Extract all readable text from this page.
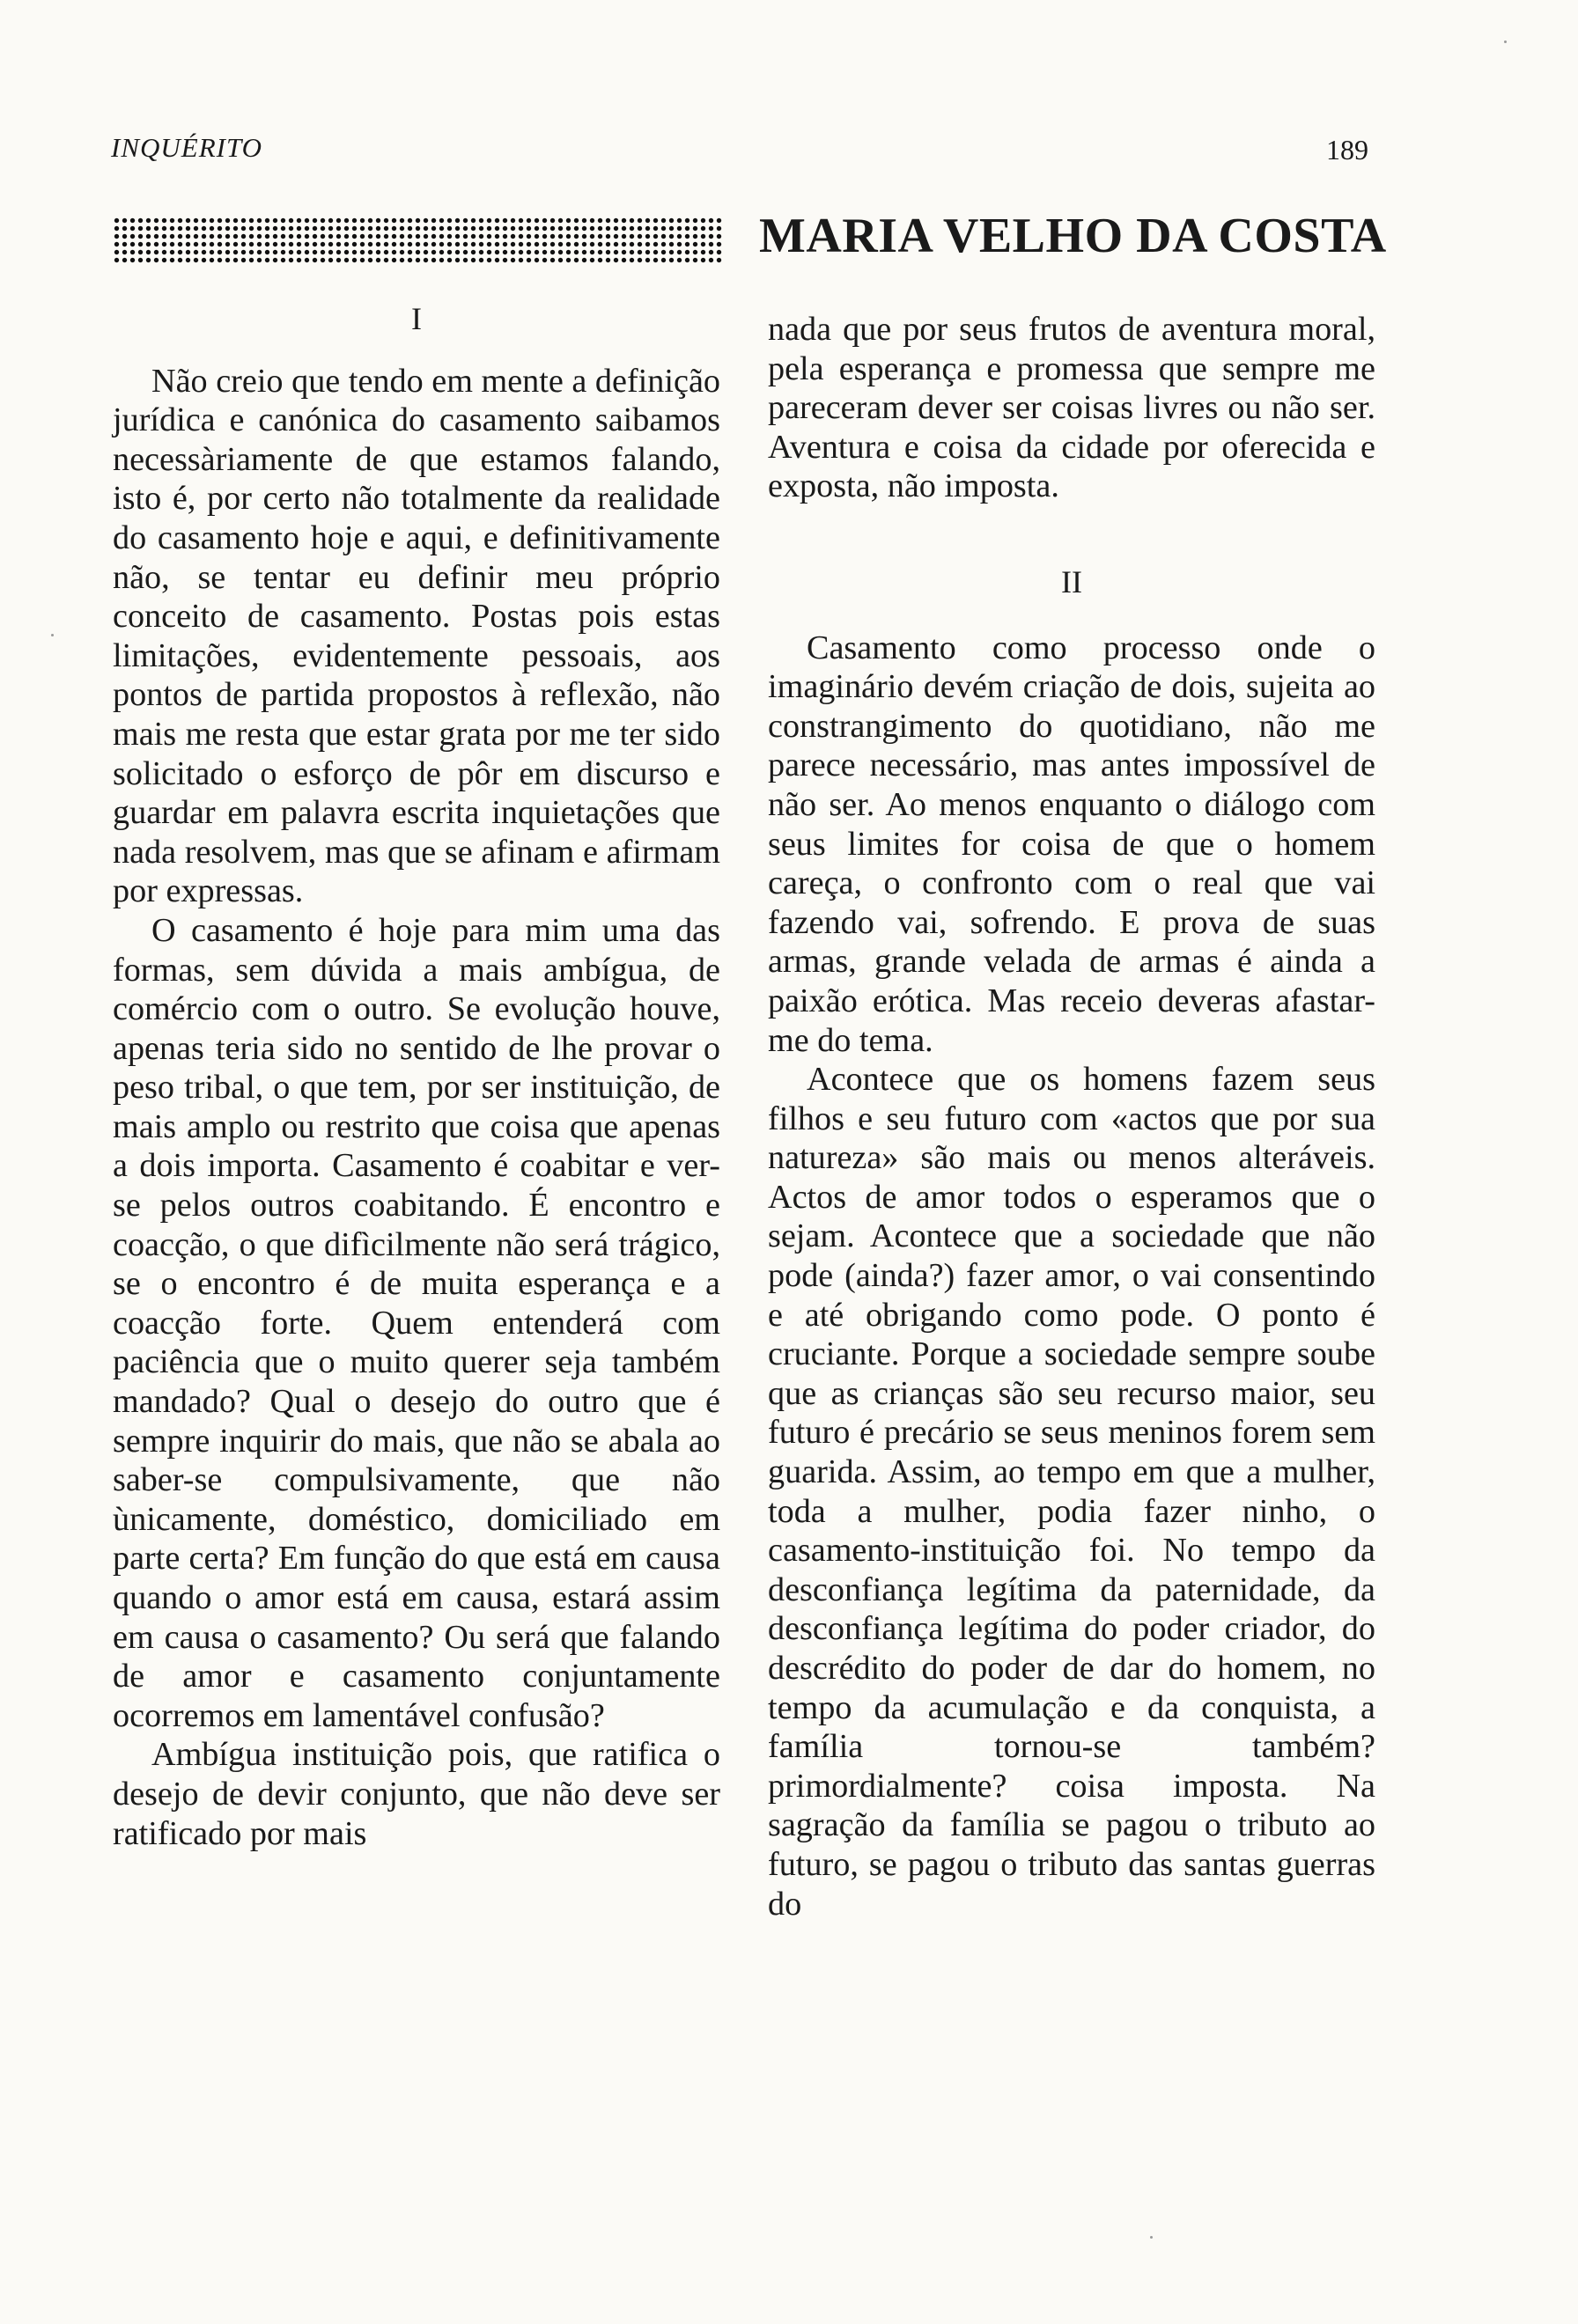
INQUÉRITO	189
MARIA VELHO DA COSTA
I

Não creio que tendo em mente a definição jurídica e canónica do casamento saibamos necessàriamente de que estamos falando, isto é, por certo não totalmente da realidade do casamento hoje e aqui, e definitivamente não, se tentar eu definir meu próprio conceito de casamento. Postas pois estas limitações, evidentemente pessoais, aos pontos de partida propostos à reflexão, não mais me resta que estar grata por me ter sido solicitado o esforço de pôr em discurso e guardar em palavra escrita inquietações que nada resolvem, mas que se afinam e afirmam por expressas.

O casamento é hoje para mim uma das formas, sem dúvida a mais ambígua, de comércio com o outro. Se evolução houve, apenas teria sido no sentido de lhe provar o peso tribal, o que tem, por ser instituição, de mais amplo ou restrito que coisa que apenas a dois importa. Casamento é coabitar e ver-se pelos outros coabitando. É encontro e coacção, o que difìcilmente não será trágico, se o encontro é de muita esperança e a coacção forte. Quem entenderá com paciência que o muito querer seja também mandado? Qual o desejo do outro que é sempre inquirir do mais, que não se abala ao saber-se compulsivamente, que não ùnicamente, doméstico, domiciliado em parte certa? Em função do que está em causa quando o amor está em causa, estará assim em causa o casamento? Ou será que falando de amor e casamento conjuntamente ocorremos em lamentável confusão?

Ambígua instituição pois, que ratifica o desejo de devir conjunto, que não deve ser ratificado por mais

nada que por seus frutos de aventura moral, pela esperança e promessa que sempre me pareceram dever ser coisas livres ou não ser. Aventura e coisa da cidade por oferecida e exposta, não imposta.

II

Casamento como processo onde o imaginário devém criação de dois, sujeita ao constrangimento do quotidiano, não me parece necessário, mas antes impossível de não ser. Ao menos enquanto o diálogo com seus limites for coisa de que o homem careça, o confronto com o real que vai fazendo vai, sofrendo. E prova de suas armas, grande velada de armas é ainda a paixão erótica. Mas receio deveras afastar-me do tema.

Acontece que os homens fazem seus filhos e seu futuro com «actos que por sua natureza» são mais ou menos alteráveis. Actos de amor todos o esperamos que o sejam. Acontece que a sociedade que não pode (ainda?) fazer amor, o vai consentindo e até obrigando como pode. O ponto é cruciante. Porque a sociedade sempre soube que as crianças são seu recurso maior, seu futuro é precário se seus meninos forem sem guarida. Assim, ao tempo em que a mulher, toda a mulher, podia fazer ninho, o casamento-instituição foi. No tempo da desconfiança legítima da paternidade, da desconfiança legítima do poder criador, do descrédito do poder de dar do homem, no tempo da acumulação e da conquista, a família tornou-se também? primordialmente? coisa imposta. Na sagração da família se pagou o tributo ao futuro, se pagou o tributo das santas guerras do
